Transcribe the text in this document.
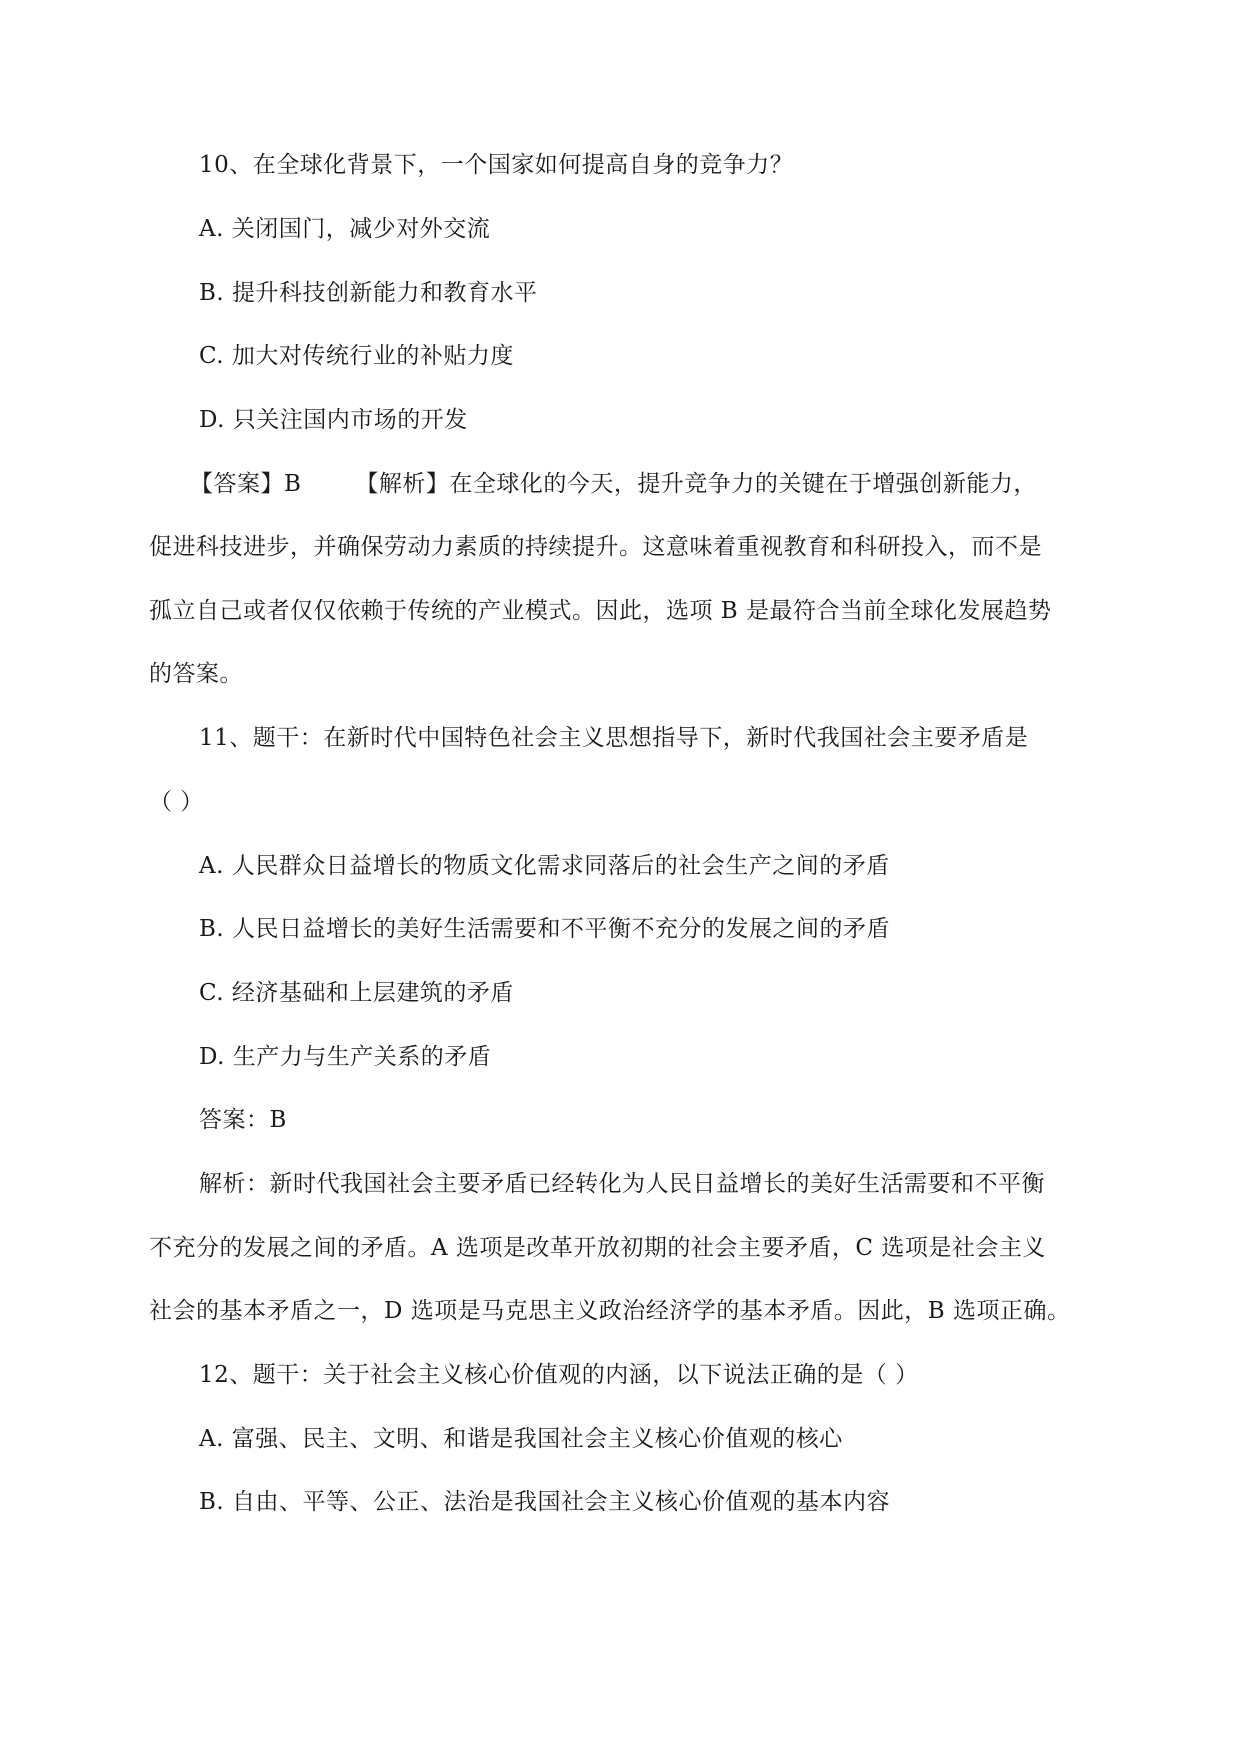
10、在全球化背景下，一个国家如何提高自身的竞争力？
A. 关闭国门，减少对外交流
B. 提升科技创新能力和教育水平
C. 加大对传统行业的补贴力度
D. 只关注国内市场的开发
【答案】B 【解析】在全球化的今天，提升竞争力的关键在于增强创新能力，
促进科技进步，并确保劳动力素质的持续提升。这意味着重视教育和科研投入，而不是
孤立自己或者仅仅依赖于传统的产业模式。因此，选项 B 是最符合当前全球化发展趋势
的答案。
11、题干：在新时代中国特色社会主义思想指导下，新时代我国社会主要矛盾是
（ ）
A. 人民群众日益增长的物质文化需求同落后的社会生产之间的矛盾
B. 人民日益增长的美好生活需要和不平衡不充分的发展之间的矛盾
C. 经济基础和上层建筑的矛盾
D. 生产力与生产关系的矛盾
答案：B
解析：新时代我国社会主要矛盾已经转化为人民日益增长的美好生活需要和不平衡
不充分的发展之间的矛盾。A 选项是改革开放初期的社会主要矛盾，C 选项是社会主义
社会的基本矛盾之一，D 选项是马克思主义政治经济学的基本矛盾。因此，B 选项正确。
12、题干：关于社会主义核心价值观的内涵，以下说法正确的是（ ）
A. 富强、民主、文明、和谐是我国社会主义核心价值观的核心
B. 自由、平等、公正、法治是我国社会主义核心价值观的基本内容
